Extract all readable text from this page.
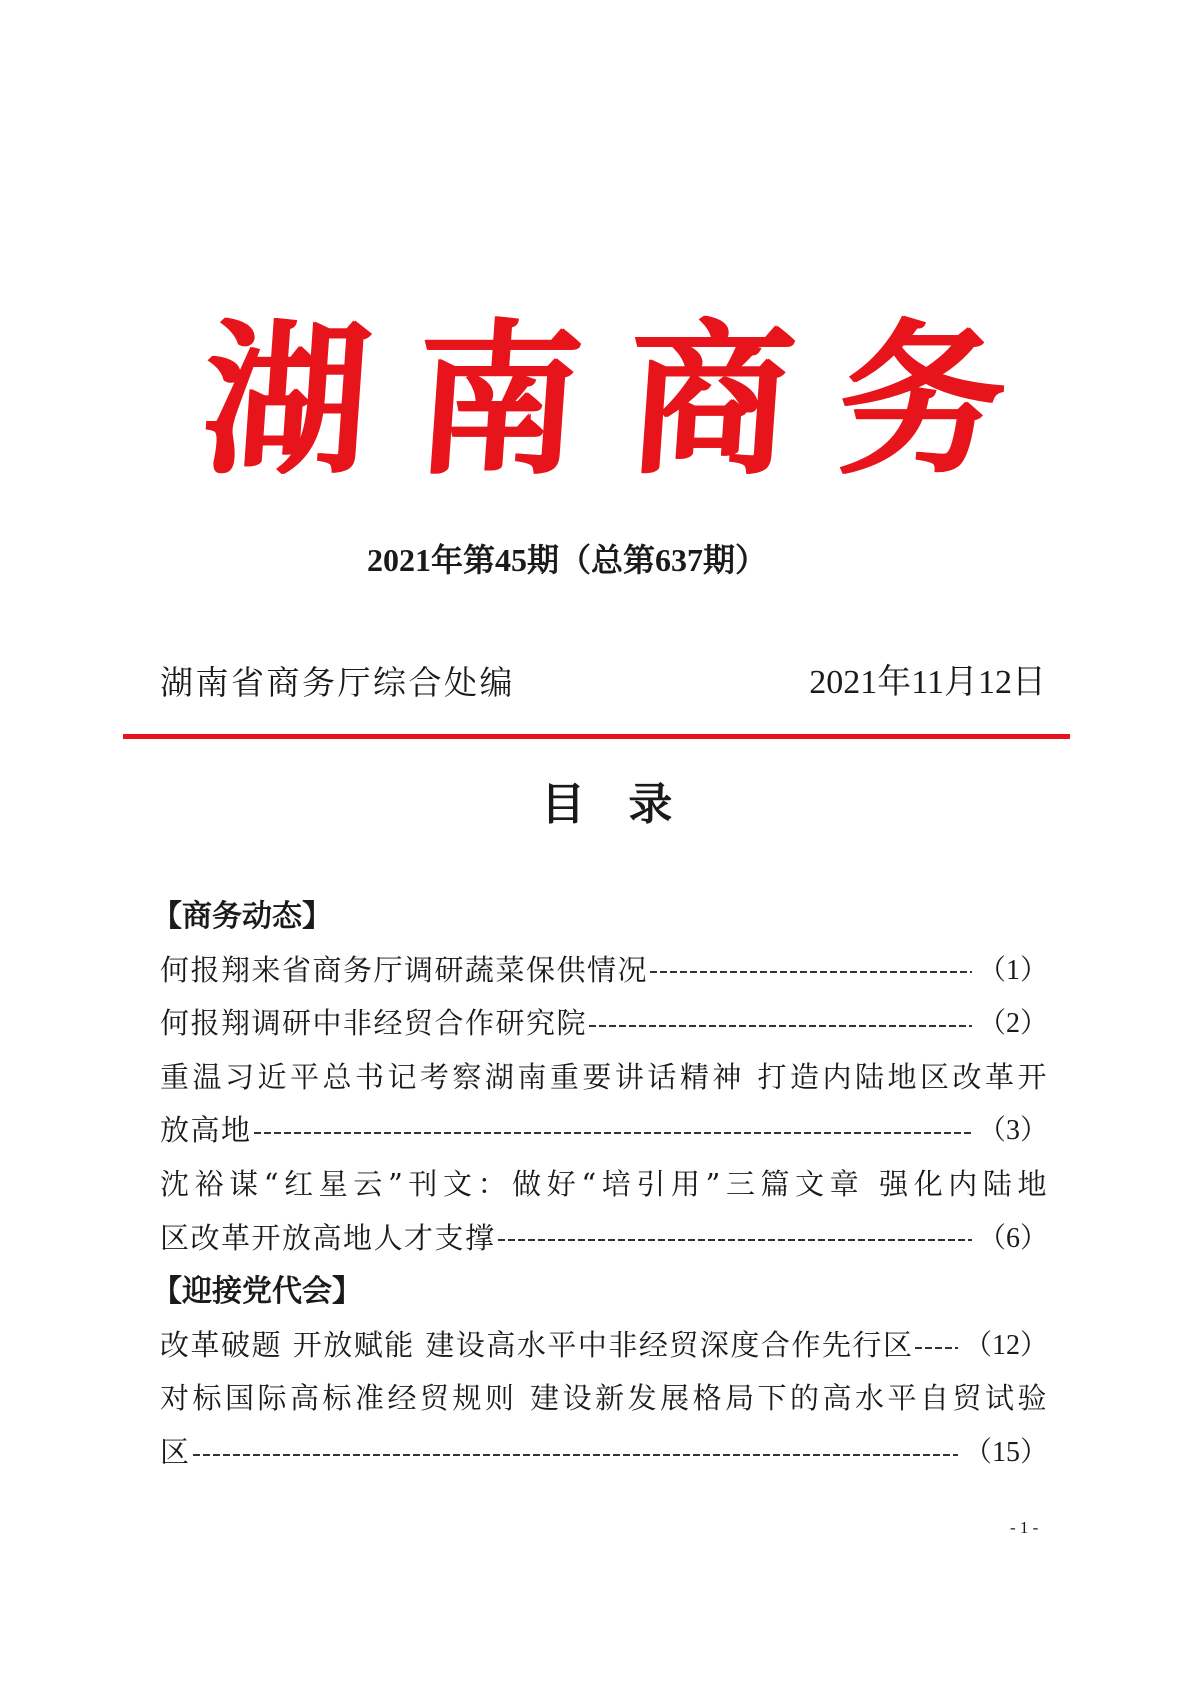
湖南商务
2021年第45期（总第637期）
湖南省商务厅综合处编	2021年11月12日
目 录
【商务动态】
何报翔来省商务厅调研蔬菜保供情况	（1）
何报翔调研中非经贸合作研究院	（2）
重温习近平总书记考察湖南重要讲话精神 打造内陆地区改革开
放高地	（3）
沈裕谋“红星云”刊文：做好“培引用”三篇文章 强化内陆地
区改革开放高地人才支撑	（6）
【迎接党代会】
改革破题 开放赋能 建设高水平中非经贸深度合作先行区 （12）
对标国际高标准经贸规则 建设新发展格局下的高水平自贸试验
区	（15）
- 1 -
